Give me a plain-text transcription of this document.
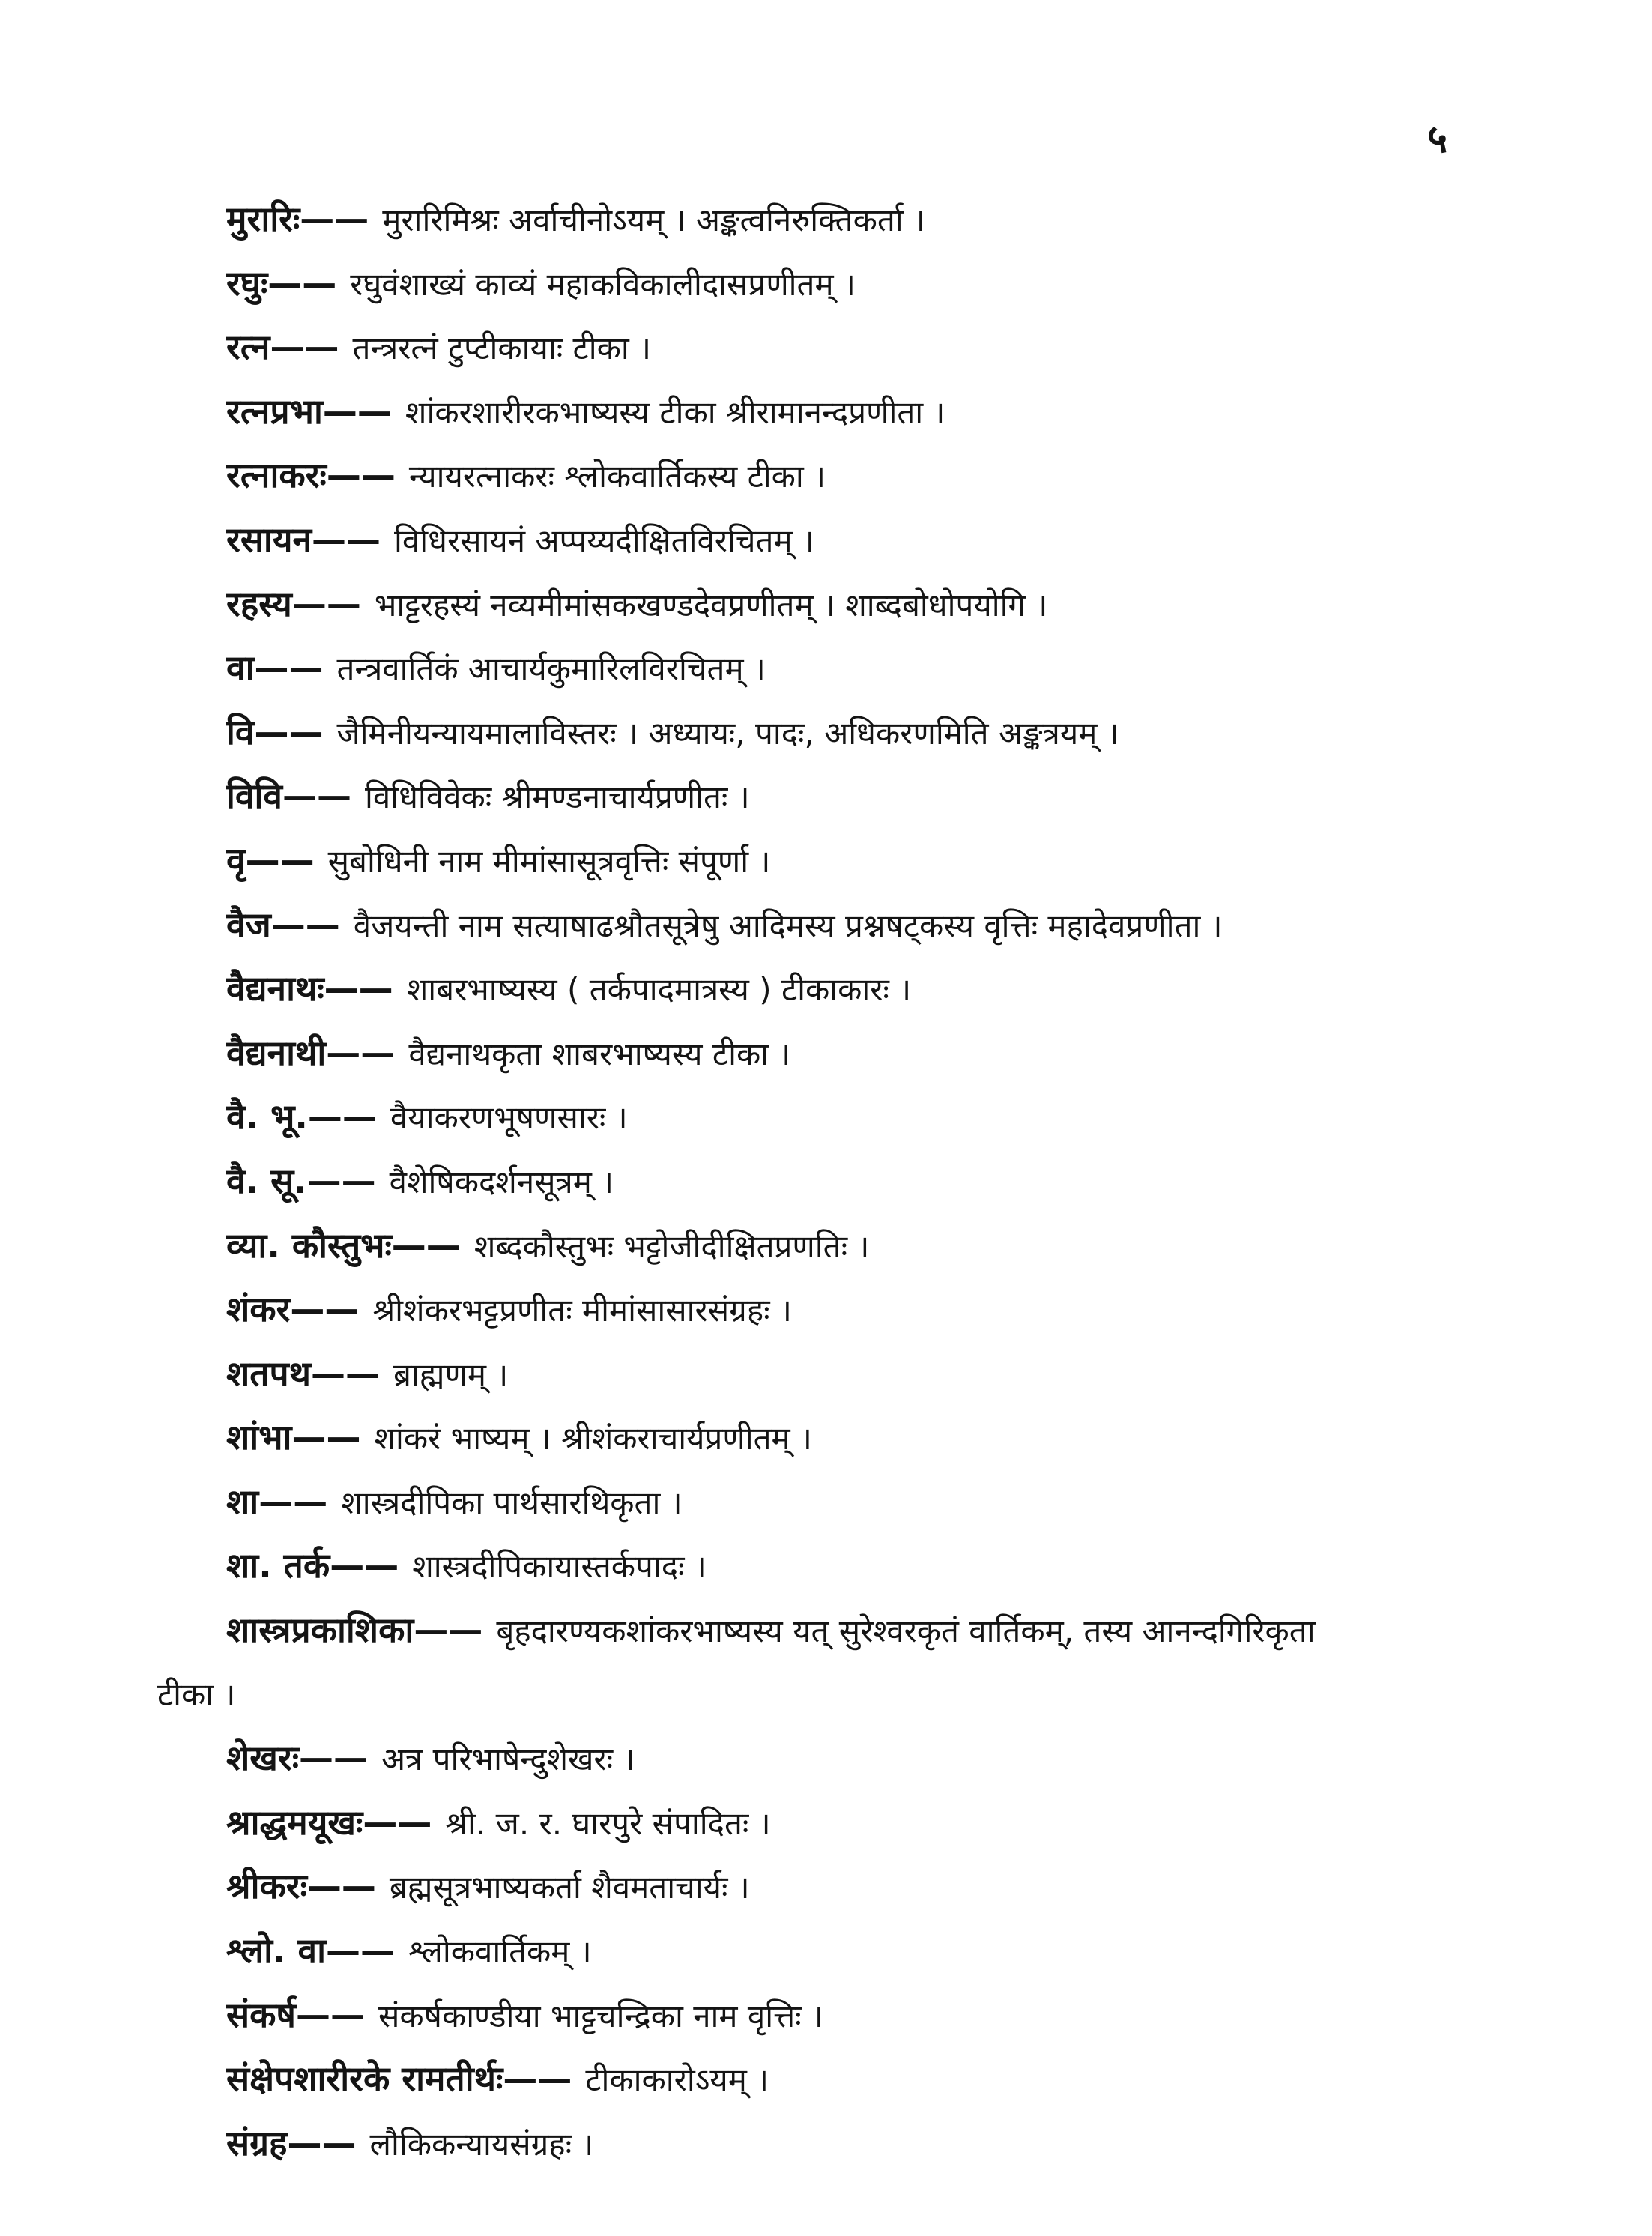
५
मुरारिः—— मुरारिमिश्रः अर्वाचीनोऽयम् । अङ्कत्वनिरुक्तिकर्ता ।
रघुः—— रघुवंशाख्यं काव्यं महाकविकालीदासप्रणीतम् ।
रत्न—— तन्त्ररत्नं टुप्टीकायाः टीका ।
रत्नप्रभा—— शांकरशारीरकभाष्यस्य टीका श्रीरामानन्दप्रणीता ।
रत्नाकरः—— न्यायरत्नाकरः श्लोकवार्तिकस्य टीका ।
रसायन—— विधिरसायनं अप्पय्यदीक्षितविरचितम् ।
रहस्य—— भाट्टरहस्यं नव्यमीमांसकखण्डदेवप्रणीतम् । शाब्दबोधोपयोगि ।
वा—— तन्त्रवार्तिकं आचार्यकुमारिलविरचितम् ।
वि—— जैमिनीयन्यायमालाविस्तरः । अध्यायः, पादः, अधिकरणमिति अङ्कत्रयम् ।
विवि—— विधिविवेकः श्रीमण्डनाचार्यप्रणीतः ।
वृ—— सुबोधिनी नाम मीमांसासूत्रवृत्तिः संपूर्णा ।
वैज—— वैजयन्ती नाम सत्याषाढश्रौतसूत्रेषु आदिमस्य प्रश्नषट्कस्य वृत्तिः महादेवप्रणीता ।
वैद्यनाथः—— शाबरभाष्यस्य ( तर्कपादमात्रस्य ) टीकाकारः ।
वैद्यनाथी—— वैद्यनाथकृता शाबरभाष्यस्य टीका ।
वै. भू.—— वैयाकरणभूषणसारः ।
वै. सू.—— वैशेषिकदर्शनसूत्रम् ।
व्या. कौस्तुभः—— शब्दकौस्तुभः भट्टोजीदीक्षितप्रणतिः ।
शंकर—— श्रीशंकरभट्टप्रणीतः मीमांसासारसंग्रहः ।
शतपथ—— ब्राह्मणम् ।
शांभा—— शांकरं भाष्यम् । श्रीशंकराचार्यप्रणीतम् ।
शा—— शास्त्रदीपिका पार्थसारथिकृता ।
शा. तर्क—— शास्त्रदीपिकायास्तर्कपादः ।
शास्त्रप्रकाशिका—— बृहदारण्यकशांकरभाष्यस्य यत् सुरेश्वरकृतं वार्तिकम्, तस्य आनन्दगिरिकृता
टीका ।
शेखरः—— अत्र परिभाषेन्दुशेखरः ।
श्राद्धमयूखः—— श्री. ज. र. घारपुरे संपादितः ।
श्रीकरः—— ब्रह्मसूत्रभाष्यकर्ता शैवमताचार्यः ।
श्लो. वा—— श्लोकवार्तिकम् ।
संकर्ष—— संकर्षकाण्डीया भाट्टचन्द्रिका नाम वृत्तिः ।
संक्षेपशारीरके रामतीर्थः—— टीकाकारोऽयम् ।
संग्रह—— लौकिकन्यायसंग्रहः ।
